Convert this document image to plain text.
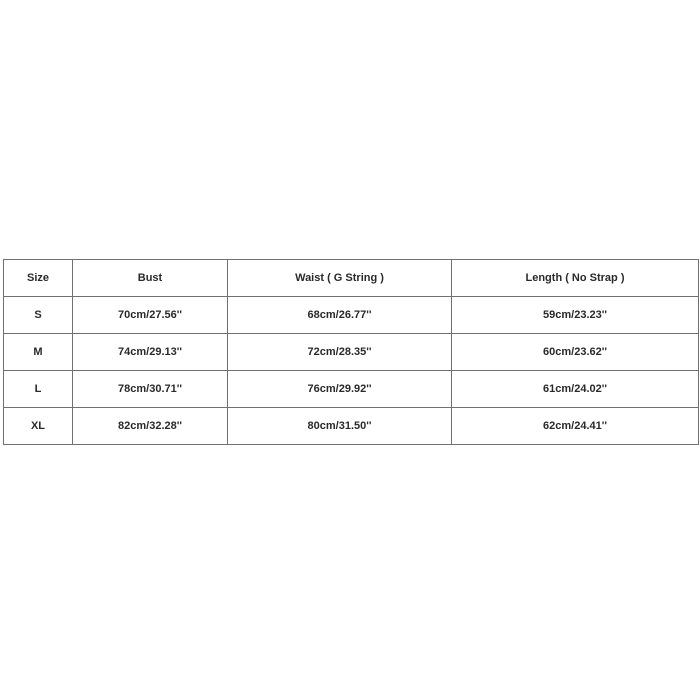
Size	Bust	Waist ( G String )	Length ( No Strap )
S	70cm/27.56''	68cm/26.77''	59cm/23.23''
M	74cm/29.13''	72cm/28.35''	60cm/23.62''
L	78cm/30.71''	76cm/29.92''	61cm/24.02''
XL	82cm/32.28''	80cm/31.50''	62cm/24.41''
